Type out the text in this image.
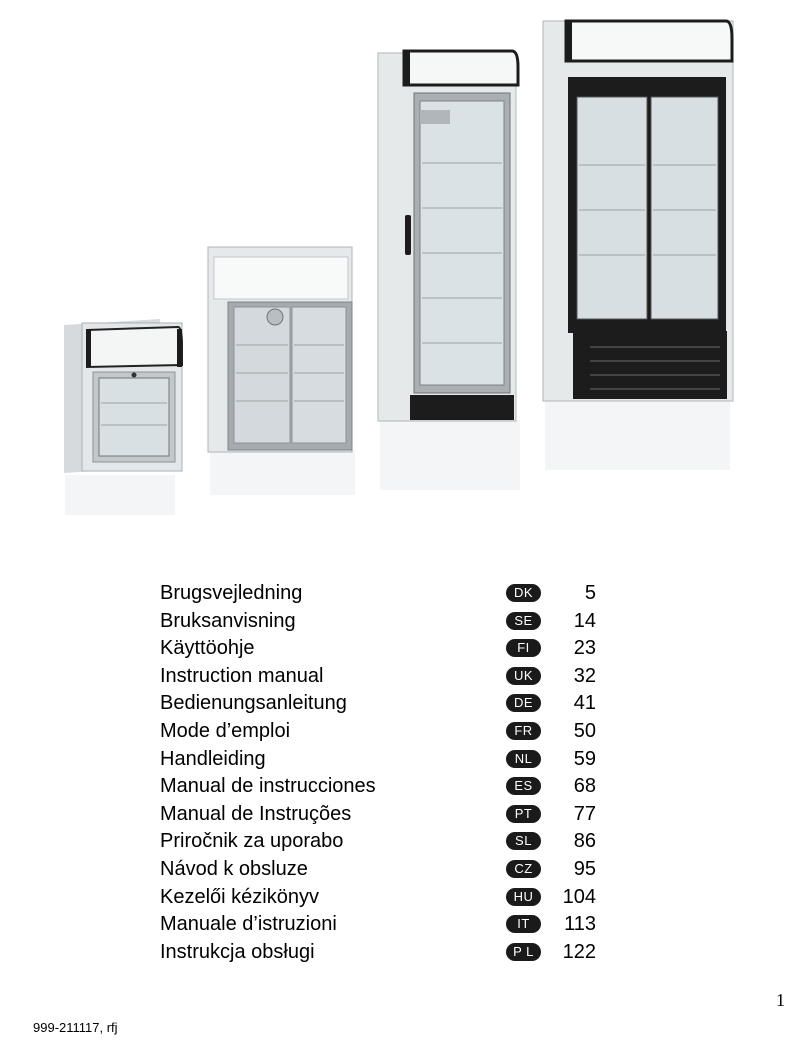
Brugsvejledning	DK	5
Bruksanvisning	SE	14
Käyttöohje	FI	23
Instruction manual	UK	32
Bedienungsanleitung	DE	41
Mode d’emploi	FR	50
Handleiding	NL	59
Manual de instrucciones	ES	68
Manual de Instruções	PT	77
Priročnik za uporabo	SL	86
Návod k obsluze	CZ	95
Kezelői kézikönyv	HU	104
Manuale d’istruzioni	IT	113
Instrukcja obsługi	P L	122
1
999-211117, rfj
